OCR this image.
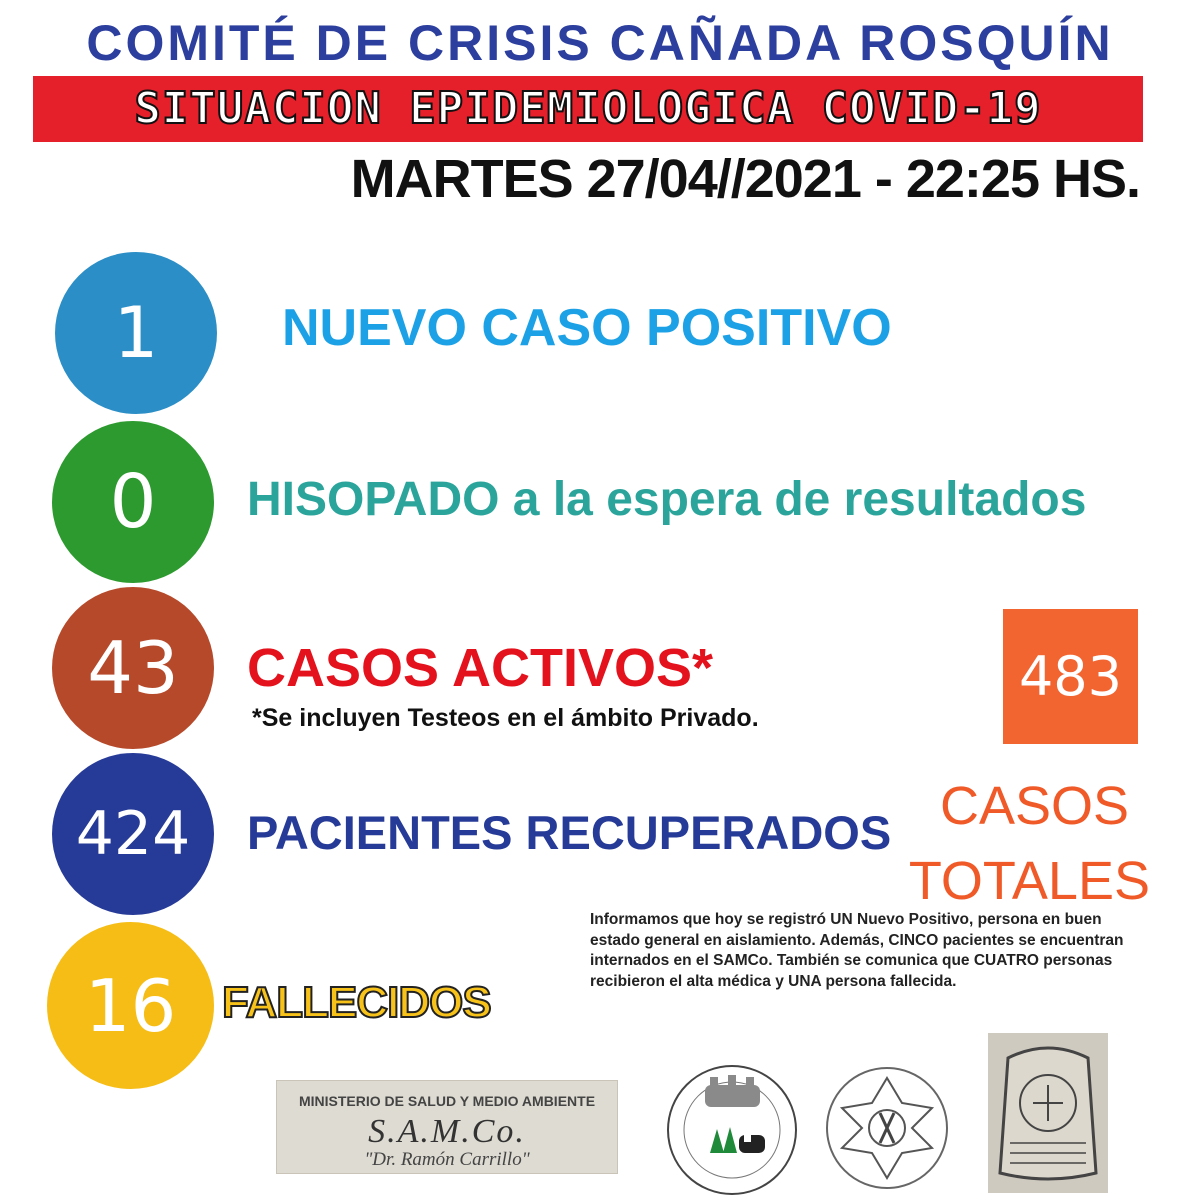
COMITÉ DE CRISIS CAÑADA ROSQUÍN
SITUACION EPIDEMIOLOGICA COVID-19
MARTES 27/04//2021 - 22:25 HS.
1	NUEVO CASO POSITIVO
0	HISOPADO a la espera de resultados
43	CASOS ACTIVOS*
*Se incluyen Testeos en el ámbito Privado.
424	PACIENTES RECUPERADOS
16	FALLECIDOS
483
CASOS
TOTALES
Informamos que hoy se registró UN Nuevo Positivo, persona en buen estado general en aislamiento. Además, CINCO pacientes se encuentran internados en el SAMCo. También se comunica que CUATRO personas recibieron el alta médica y UNA persona fallecida.
MINISTERIO DE SALUD Y MEDIO AMBIENTE
S.A.M.Co.
"Dr. Ramón Carrillo"
